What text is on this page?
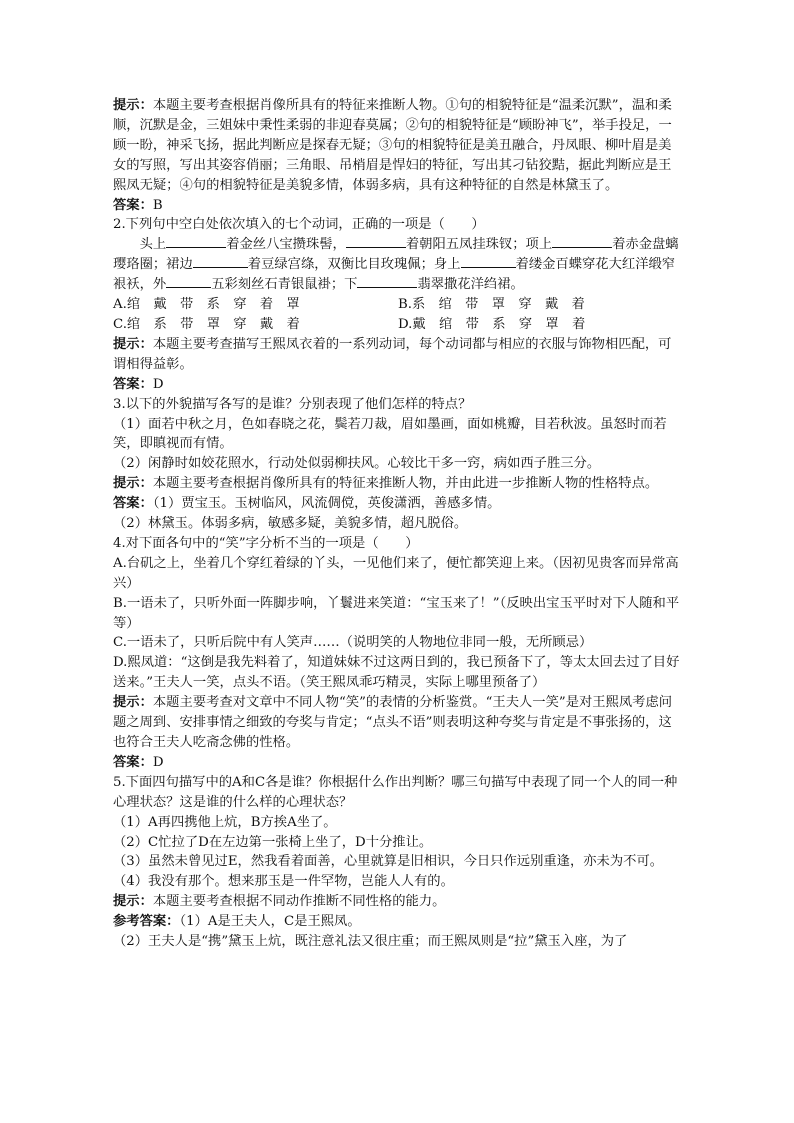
提示：本题主要考查根据肖像所具有的特征来推断人物。①句的相貌特征是“温柔沉默”，温和柔顺，沉默是金，三姐妹中秉性柔弱的非迎春莫属；②句的相貌特征是“顾盼神飞”，举手投足，一顾一盼，神采飞扬，据此判断应是探春无疑；③句的相貌特征是美丑融合，丹凤眼、柳叶眉是美女的写照，写出其姿容俏丽；三角眼、吊梢眉是悍妇的特征，写出其刁钻狡黠，据此判断应是王熙凤无疑；④句的相貌特征是美貌多情，体弱多病，具有这种特征的自然是林黛玉了。

答案：B

2.下列句中空白处依次填入的七个动词，正确的一项是（　　）

头上	着金丝八宝攒珠髻，	着朝阳五凤挂珠钗；项上	着赤金盘螭璎珞圈；裙边	着豆绿宫绦，双衡比目玫瑰佩；身上	着缕金百蝶穿花大红洋缎窄裉袄，外	五彩刻丝石青银鼠褂；下	翡翠撒花洋绉裙。

A.绾　戴　带　系　穿　着　罩	B.系　绾　带　罩　穿　戴　着
C.绾　系　带　罩　穿　戴　着	D.戴　绾　带　系　穿　罩　着

提示：本题主要考查描写王熙凤衣着的一系列动词，每个动词都与相应的衣服与饰物相匹配，可谓相得益彰。

答案：D

3.以下的外貌描写各写的是谁？分别表现了他们怎样的特点？

（1）面若中秋之月，色如春晓之花，鬓若刀裁，眉如墨画，面如桃瓣，目若秋波。虽怒时而若笑，即瞋视而有情。

（2）闲静时如姣花照水，行动处似弱柳扶风。心较比干多一窍，病如西子胜三分。

提示：本题主要考查根据肖像所具有的特征来推断人物，并由此进一步推断人物的性格特点。

答案：（1）贾宝玉。玉树临风，风流倜傥，英俊潇洒，善感多情。

（2）林黛玉。体弱多病，敏感多疑，美貌多情，超凡脱俗。

4.对下面各句中的“笑”字分析不当的一项是（　　）

A.台矶之上，坐着几个穿红着绿的丫头，一见他们来了，便忙都笑迎上来。（因初见贵客而异常高兴）

B.一语未了，只听外面一阵脚步响，丫鬟进来笑道：“宝玉来了！”（反映出宝玉平时对下人随和平等）

C.一语未了，只听后院中有人笑声……（说明笑的人物地位非同一般，无所顾忌）

D.熙凤道：“这倒是我先料着了，知道妹妹不过这两日到的，我已预备下了，等太太回去过了目好送来。”王夫人一笑，点头不语。（笑王熙凤乖巧精灵，实际上哪里预备了）

提示：本题主要考查对文章中不同人物“笑”的表情的分析鉴赏。“王夫人一笑”是对王熙凤考虑问题之周到、安排事情之细致的夸奖与肯定；“点头不语”则表明这种夸奖与肯定是不事张扬的，这也符合王夫人吃斋念佛的性格。

答案：D

5.下面四句描写中的A和C各是谁？你根据什么作出判断？哪三句描写中表现了同一个人的同一种心理状态？这是谁的什么样的心理状态？

（1）A再四携他上炕，B方挨A坐了。

（2）C忙拉了D在左边第一张椅上坐了，D十分推让。

（3）虽然未曾见过E，然我看着面善，心里就算是旧相识，今日只作远别重逢，亦未为不可。

（4）我没有那个。想来那玉是一件罕物，岂能人人有的。

提示：本题主要考查根据不同动作推断不同性格的能力。

参考答案：（1）A是王夫人，C是王熙凤。

（2）王夫人是“携”黛玉上炕，既注意礼法又很庄重；而王熙凤则是“拉”黛玉入座，为了
